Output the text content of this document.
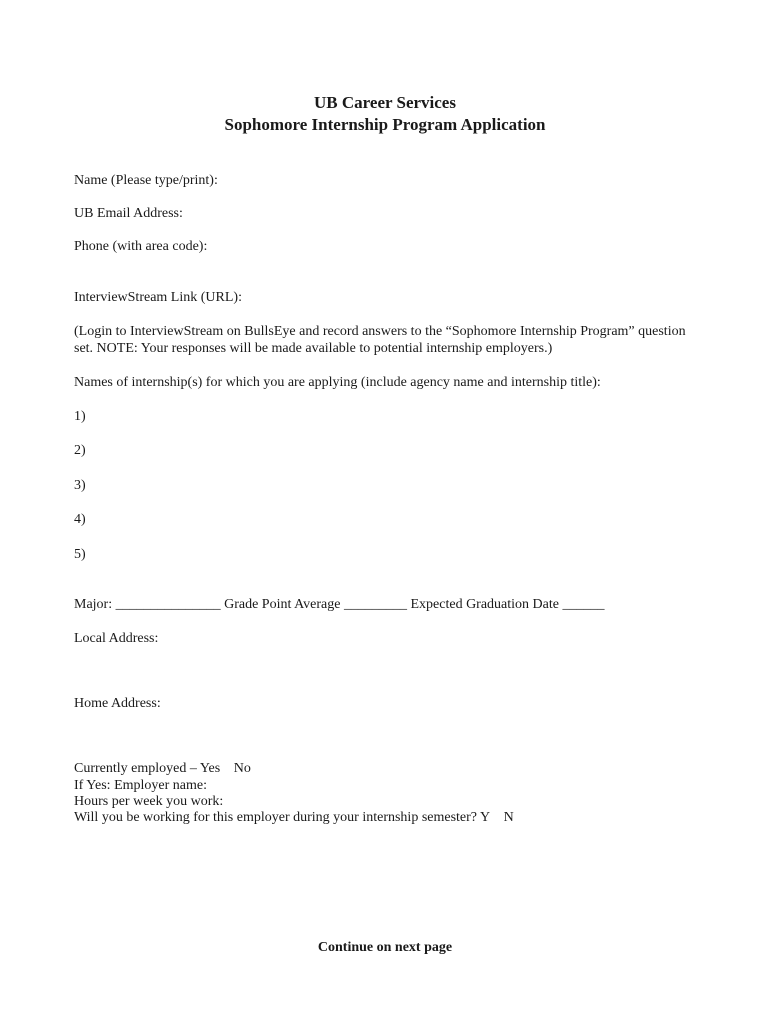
UB Career Services
Sophomore Internship Program Application
Name (Please type/print):
UB Email Address:
Phone (with area code):
InterviewStream Link (URL):
(Login to InterviewStream on BullsEye and record answers to the “Sophomore Internship Program” question
set. NOTE: Your responses will be made available to potential internship employers.)
Names of internship(s) for which you are applying (include agency name and internship title):
1)
2)
3)
4)
5)
Major: _______________ Grade Point Average _________ Expected Graduation Date ______
Local Address:
Home Address:
Currently employed – Yes No
If Yes: Employer name:
Hours per week you work:
Will you be working for this employer during your internship semester? Y N
Continue on next page
